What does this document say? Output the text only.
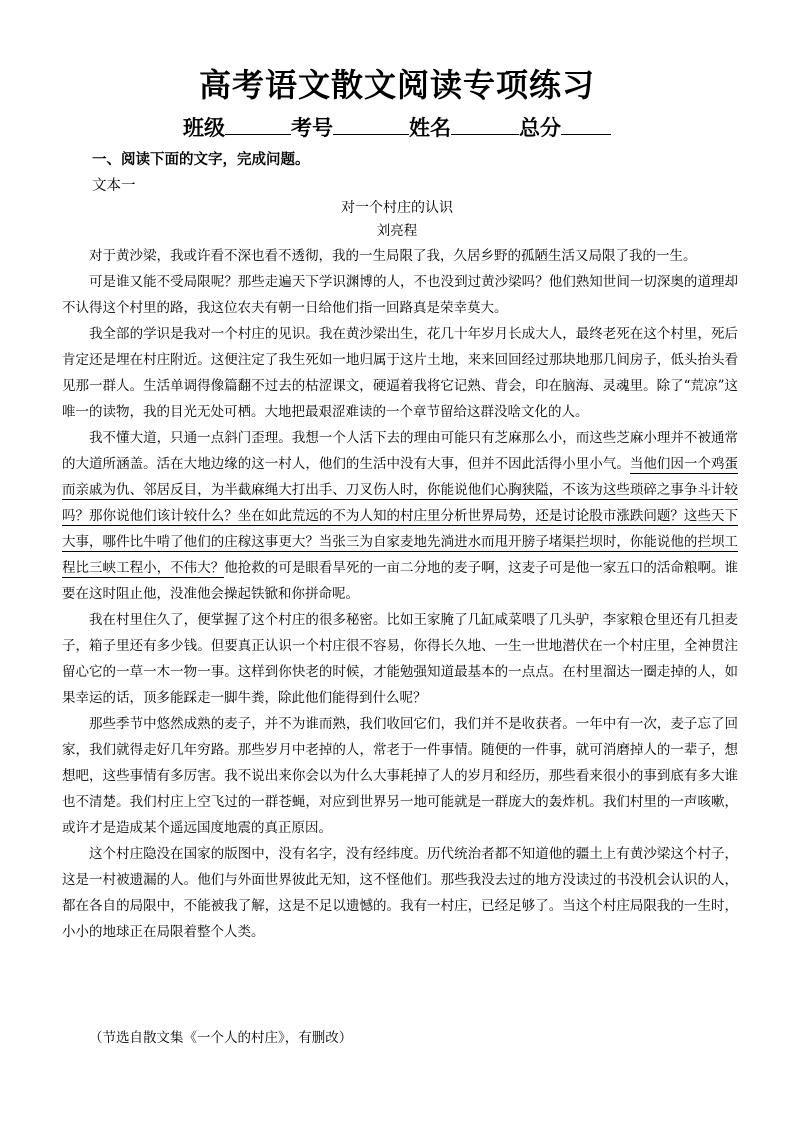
高考语文散文阅读专项练习
班级	考号	姓名	总分
一、阅读下面的文字，完成问题。
文本一
对一个村庄的认识
刘亮程

对于黄沙梁，我或许看不深也看不透彻，我的一生局限了我，久居乡野的孤陋生活又局限了我的一生。

可是谁又能不受局限呢？那些走遍天下学识渊博的人，不也没到过黄沙梁吗？他们熟知世间一切深奥的道理却不认得这个村里的路，我这位农夫有朝一日给他们指一回路真是荣幸莫大。

我全部的学识是我对一个村庄的见识。我在黄沙梁出生，花几十年岁月长成大人，最终老死在这个村里，死后肯定还是埋在村庄附近。这便注定了我生死如一地归属于这片土地，来来回回经过那块地那几间房子，低头抬头看见那一群人。生活单调得像篇翻不过去的枯涩课文，硬逼着我将它记熟、背会，印在脑海、灵魂里。除了“荒凉”这唯一的读物，我的目光无处可栖。大地把最艰涩难读的一个章节留给这群没啥文化的人。

我不懂大道，只通一点斜门歪理。我想一个人活下去的理由可能只有芝麻那么小，而这些芝麻小理并不被通常的大道所涵盖。活在大地边缘的这一村人，他们的生活中没有大事，但并不因此活得小里小气。当他们因一个鸡蛋而亲戚为仇、邻居反目，为半截麻绳大打出手、刀叉伤人时，你能说他们心胸狭隘，不该为这些琐碎之事争斗计较吗？那你说他们该计较什么？坐在如此荒远的不为人知的村庄里分析世界局势，还是讨论股市涨跌问题？这些天下大事，哪件比牛啃了他们的庄稼这事更大？当张三为自家麦地先淌进水而甩开膀子堵渠拦坝时，你能说他的拦坝工程比三峡工程小，不伟大？他抢救的可是眼看旱死的一亩二分地的麦子啊，这麦子可是他一家五口的活命粮啊。谁要在这时阻止他，没准他会操起铁锨和你拼命呢。

我在村里住久了，便掌握了这个村庄的很多秘密。比如王家腌了几缸咸菜喂了几头驴，李家粮仓里还有几担麦子，箱子里还有多少钱。但要真正认识一个村庄很不容易，你得长久地、一生一世地潜伏在一个村庄里，全神贯注留心它的一草一木一物一事。这样到你快老的时候，才能勉强知道最基本的一点点。在村里溜达一圈走掉的人，如果幸运的话，顶多能踩走一脚牛粪，除此他们能得到什么呢？

那些季节中悠然成熟的麦子，并不为谁而熟，我们收回它们，我们并不是收获者。一年中有一次，麦子忘了回家，我们就得走好几年穷路。那些岁月中老掉的人，常老于一件事情。随便的一件事，就可消磨掉人的一辈子，想想吧，这些事情有多厉害。我不说出来你会以为什么大事耗掉了人的岁月和经历，那些看来很小的事到底有多大谁也不清楚。我们村庄上空飞过的一群苍蝇，对应到世界另一地可能就是一群庞大的轰炸机。我们村里的一声咳嗽，或许才是造成某个遥远国度地震的真正原因。

这个村庄隐没在国家的版图中，没有名字，没有经纬度。历代统治者都不知道他的疆土上有黄沙梁这个村子，这是一村被遗漏的人。他们与外面世界彼此无知，这不怪他们。那些我没去过的地方没读过的书没机会认识的人，都在各自的局限中，不能被我了解，这是不足以遗憾的。我有一村庄，已经足够了。当这个村庄局限我的一生时，小小的地球正在局限着整个人类。

（节选自散文集《一个人的村庄》，有删改）
